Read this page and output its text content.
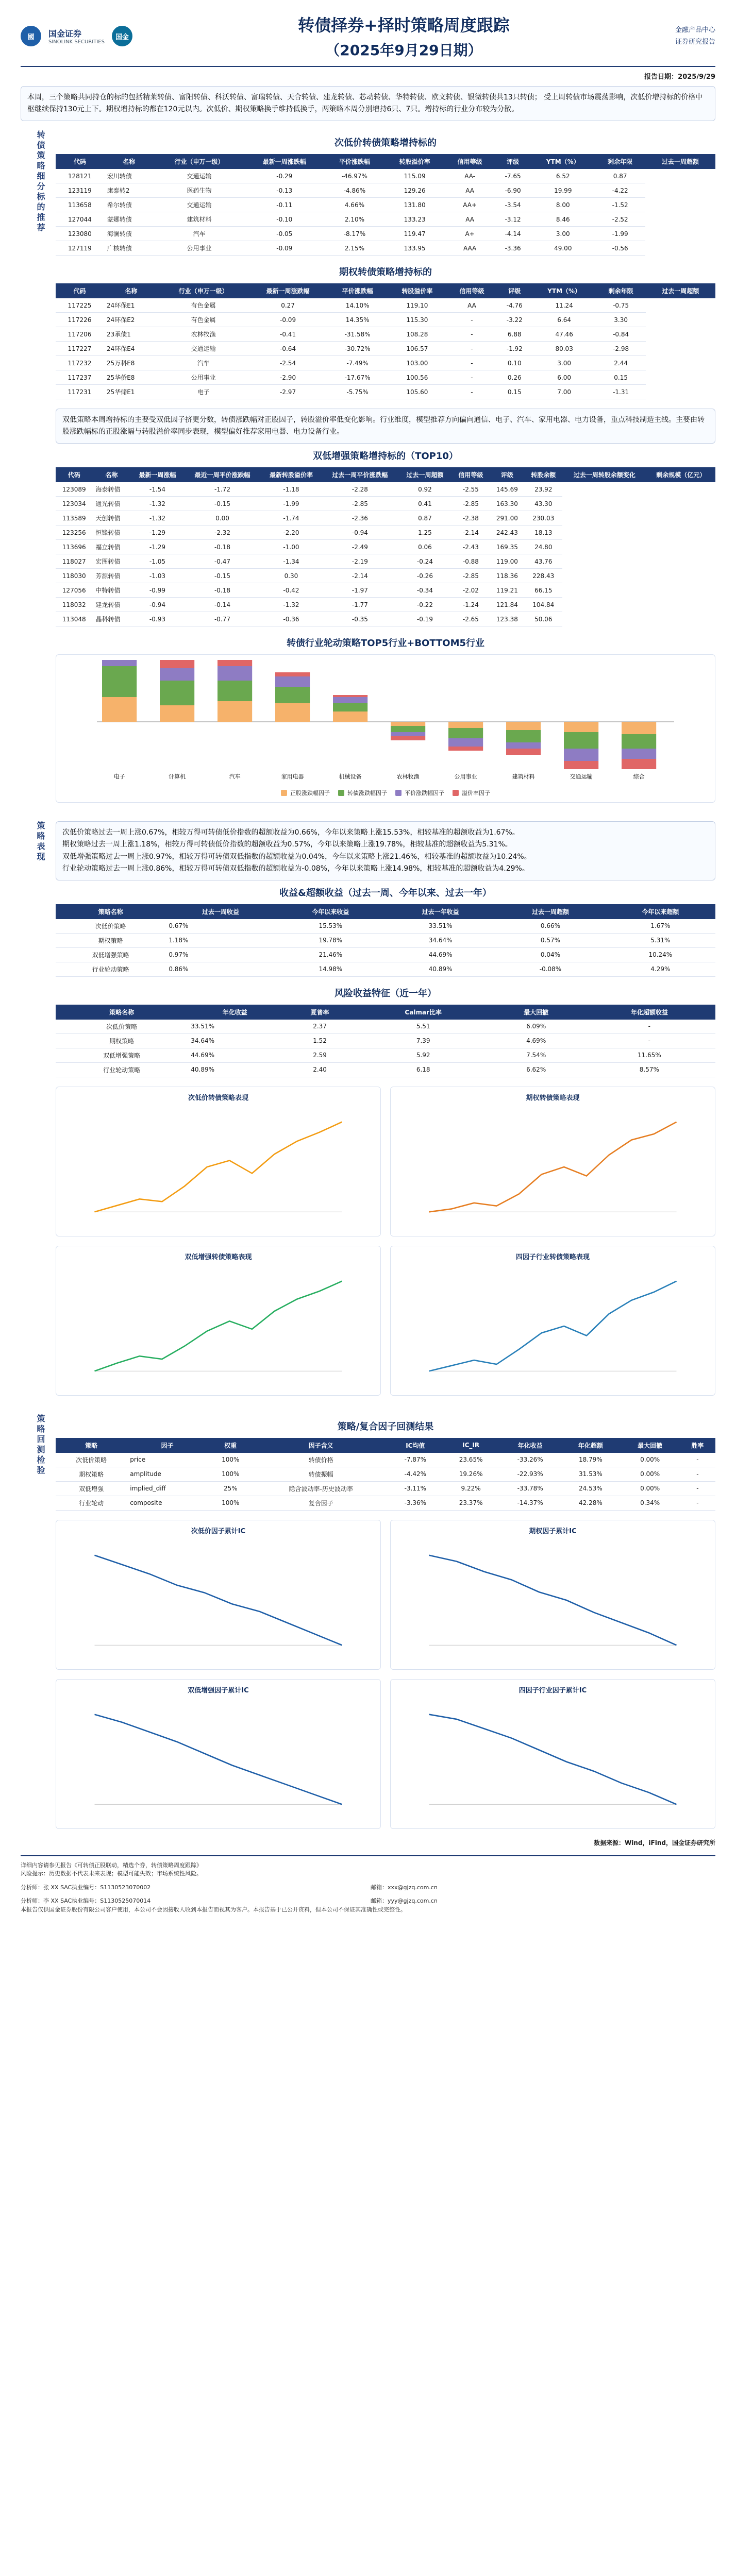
國	国金证券
SINOLINK SECURITIES
国金
转债择券+择时策略周度跟踪
（2025年9月29日期）
金融产品中心
证券研究报告
报告日期：2025/9/29
本周，三个策略共同持仓的标的包括精莱转债、富阳转债、科沃转债、富瑞转债、天合转债、建龙转债、芯动转债、华特转债、欧文转债、银微转债共13只转债； 受上周转债市场震荡影响，次低价增持标的价格中枢继续保持130元上下。期权增持标的都在120元以内。次低价、期权策略换手维持低换手，两策略本周分别增持6只、7只。增持标的行业分布较为分散。
转债策略细分标的推荐	次低价转债策略增持标的
代码	名称	行业（申万一级）	最新一周涨跌幅	平价涨跌幅	转股溢价率	信用等级	评级	YTM（%）	剩余年限	过去一周超额
128121	宏川转债	交通运输	-0.29	-46.97%	115.09	AA-	-7.65	6.52	0.87	
123119	康泰转2	医药生物	-0.13	-4.86%	129.26	AA	-6.90	19.99	-4.22	
113658	希尔转债	交通运输	-0.11	4.66%	131.80	AA+	-3.54	8.00	-1.52	
127044	蒙娜转债	建筑材料	-0.10	2.10%	133.23	AA	-3.12	8.46	-2.52	
123080	海澜转债	汽车	-0.05	-8.17%	119.47	A+	-4.14	3.00	-1.99	
127119	广核转债	公用事业	-0.09	2.15%	133.95	AAA	-3.36	49.00	-0.56	
期权转债策略增持标的
代码	名称	行业（申万一级）	最新一周涨跌幅	平价涨跌幅	转股溢价率	信用等级	评级	YTM（%）	剩余年限	过去一周超额
117225	24环保E1	有色金属	0.27	14.10%	119.10	AA	-4.76	11.24	-0.75	
117226	24环保E2	有色金属	-0.09	14.35%	115.30	-	-3.22	6.64	3.30	
117206	23承债1	农林牧渔	-0.41	-31.58%	108.28	-	6.88	47.46	-0.84	
117227	24环保E4	交通运输	-0.64	-30.72%	106.57	-	-1.92	80.03	-2.98	
117232	25万科E8	汽车	-2.54	-7.49%	103.00	-	0.10	3.00	2.44	
117237	25华侨E8	公用事业	-2.90	-17.67%	100.56	-	0.26	6.00	0.15	
117231	25华储E1	电子	-2.97	-5.75%	105.60	-	0.15	7.00	-1.31	
双低策略本周增持标的主要受双低因子挤更分数，转债涨跌幅对正股因子，转股溢价率低变化影响。行业维度，模型推荐方向偏向通信、电子、汽车、家用电器、电力设备，重点科技制造主线。主要由转股涨跌幅标的正股涨幅与转股溢价率同步表现，模型偏好推荐家用电器、电力设备行业。
双低增强策略增持标的（TOP10）
代码	名称	最新一周涨幅	最近一周平价涨跌幅	最新转股溢价率	过去一周平价涨跌幅	过去一周超额	信用等级	评级	转股余额	过去一周转股余额变化	剩余规模（亿元）
123089	海泰转债	-1.54	-1.72	-1.18	-2.28	0.92	-2.55	145.69	23.92		
123034	通光转债	-1.32	-0.15	-1.99	-2.85	0.41	-2.85	163.30	43.30		
113589	天创转债	-1.32	0.00	-1.74	-2.36	0.87	-2.38	291.00	230.03		
123256	恒锋转债	-1.29	-2.32	-2.20	-0.94	1.25	-2.14	242.43	18.13		
113696	福立转债	-1.29	-0.18	-1.00	-2.49	0.06	-2.43	169.35	24.80		
118027	宏图转债	-1.05	-0.47	-1.34	-2.19	-0.24	-0.88	119.00	43.76		
118030	芳源转债	-1.03	-0.15	0.30	-2.14	-0.26	-2.85	118.36	228.43		
127056	中特转债	-0.99	-0.18	-0.42	-1.97	-0.34	-2.02	119.21	66.15		
118032	建龙转债	-0.94	-0.14	-1.32	-1.77	-0.22	-1.24	121.84	104.84		
113048	晶科转债	-0.93	-0.77	-0.36	-0.35	-0.19	-2.65	123.38	50.06		
转债行业轮动策略TOP5行业+BOTTOM5行业
电子	计算机	汽车	家用电器	机械设备	农林牧渔	公用事业	建筑材料	交通运输	综合
正股涨跌幅因子	转债涨跌幅因子	平价涨跌幅因子	溢价率因子
策略表现 次低价策略过去一周上涨0.67%，相较万得可转债低价指数的超额收益为0.66%，今年以来策略上涨15.53%，相较基准的超额收益为1.67%。
期权策略过去一周上涨1.18%，相较万得可转债低价指数的超额收益为0.57%，今年以来策略上涨19.78%，相较基准的超额收益为5.31%。
双低增强策略过去一周上涨0.97%，相较万得可转债双低指数的超额收益为0.04%，今年以来策略上涨21.46%，相较基准的超额收益为10.24%。
行业轮动策略过去一周上涨0.86%，相较万得可转债双低指数的超额收益为-0.08%，今年以来策略上涨14.98%，相较基准的超额收益为4.29%。
收益&超额收益（过去一周、今年以来、过去一年）
策略名称	过去一周收益	今年以来收益	过去一年收益	过去一周超额	今年以来超额
次低价策略	0.67%	15.53%	33.51%	0.66%	1.67%
期权策略	1.18%	19.78%	34.64%	0.57%	5.31%
双低增强策略	0.97%	21.46%	44.69%	0.04%	10.24%
行业轮动策略	0.86%	14.98%	40.89%	-0.08%	4.29%
风险收益特征（近一年）
策略名称	年化收益	夏普率	Calmar比率	最大回撤	年化超额收益
次低价策略	33.51%	2.37	5.51	6.09%	-
期权策略	34.64%	1.52	7.39	4.69%	-
双低增强策略	44.69%	2.59	5.92	7.54%	11.65%
行业轮动策略	40.89%	2.40	6.18	6.62%	8.57%
次低价转债策略表现	期权转债策略表现
双低增强转债策略表现	四因子行业转债策略表现
策略回测检验	策略/复合因子回测结果
策略	因子	权重	因子含义	IC均值	IC_IR	年化收益	年化超额	最大回撤	胜率
次低价策略	price	100%	转债价格	-7.87%	23.65%	-33.26%	18.79%	0.00%	-
期权策略	amplitude	100%	转债振幅	-4.42%	19.26%	-22.93%	31.53%	0.00%	-
双低增强	implied_diff	25%	隐含波动率-历史波动率	-3.11%	9.22%	-33.78%	24.53%	0.00%	-
行业轮动	composite	100%	复合因子	-3.36%	23.37%	-14.37%	42.28%	0.34%	-
次低价因子累计IC	期权因子累计IC
双低增强因子累计IC	四因子行业因子累计IC
数据来源：Wind，iFind，国金证券研究所
详细内容请参见报告《可转债正股联动，精选个券，转债策略周度跟踪》
风险提示：历史数据不代表未来表现；模型可能失效；市场系统性风险。
分析师：张 XX SAC执业编号：S1130523070002	邮箱：xxx@gjzq.com.cn
分析师：李 XX SAC执业编号：S1130525070014	邮箱：yyy@gjzq.com.cn
本报告仅供国金证券股份有限公司客户使用，本公司不会因接收人收到本报告而视其为客户。本报告基于已公开资料，但本公司不保证其准确性或完整性。
